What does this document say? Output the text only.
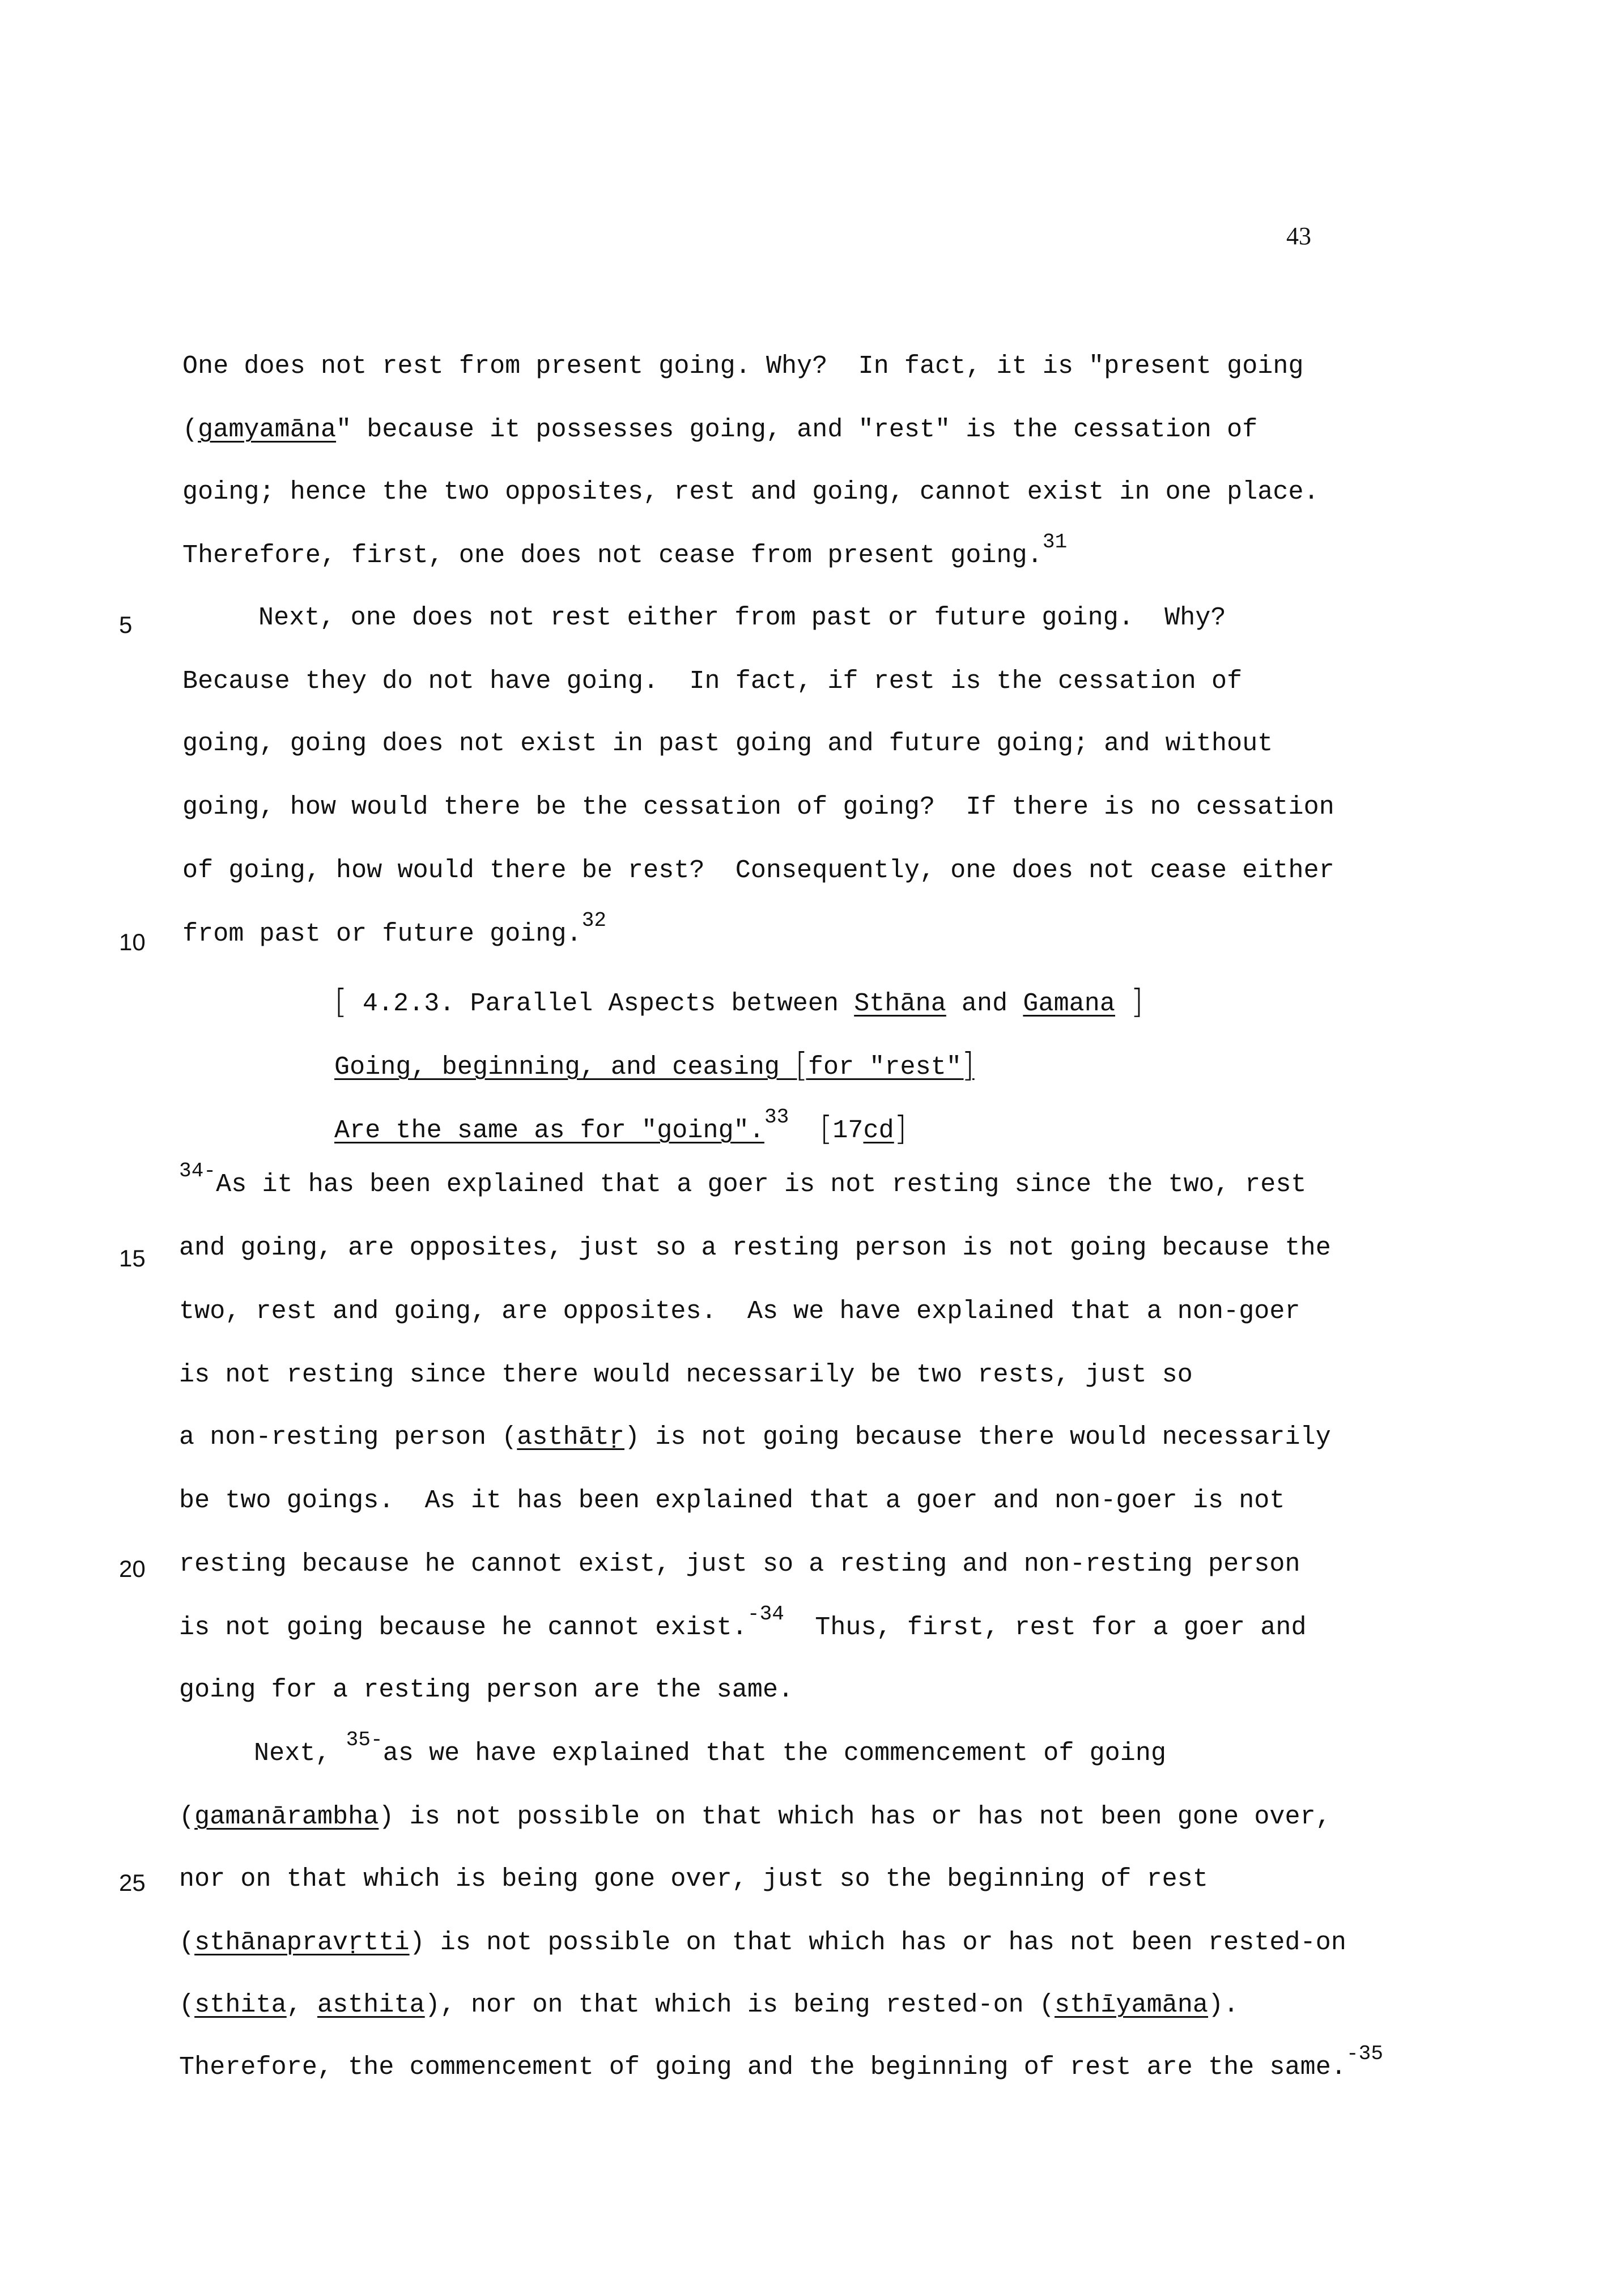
43
5
10
15
20
25
One does not rest from present going. Why?  In fact, it is "present going
(gamyamāna" because it possesses going, and "rest" is the cessation of
going; hence the two opposites, rest and going, cannot exist in one place.
Therefore, first, one does not cease from present going.$^{31}$
Next, one does not rest either from past or future going.  Why?
Because they do not have going.  In fact, if rest is the cessation of
going, going does not exist in past going and future going; and without
going, how would there be the cessation of going?  If there is no cessation
of going, how would there be rest?  Consequently, one does not cease either
from past or future going.$^{32}$
[ 4.2.3. Parallel Aspects between Sthāna and Gamana ]
Going, beginning, and ceasing [for "rest"]
Are the same as for "going".$^{33}$ [17cd]
$^{34-}$As it has been explained that a goer is not resting since the two, rest
and going, are opposites, just so a resting person is not going because the
two, rest and going, are opposites.  As we have explained that a non-goer
is not resting since there would necessarily be two rests, just so
a non-resting person (asthātṛ) is not going because there would necessarily
be two goings.  As it has been explained that a goer and non-goer is not
resting because he cannot exist, just so a resting and non-resting person
is not going because he cannot exist.$^{-34}$  Thus, first, rest for a goer and
going for a resting person are the same.
Next, $^{35-}$as we have explained that the commencement of going
(gamanārambha) is not possible on that which has or has not been gone over,
nor on that which is being gone over, just so the beginning of rest
(sthānapravṛtti) is not possible on that which has or has not been rested-on
(sthita, asthita), nor on that which is being rested-on (sthīyamāna).
Therefore, the commencement of going and the beginning of rest are the same.$^{-35}$
